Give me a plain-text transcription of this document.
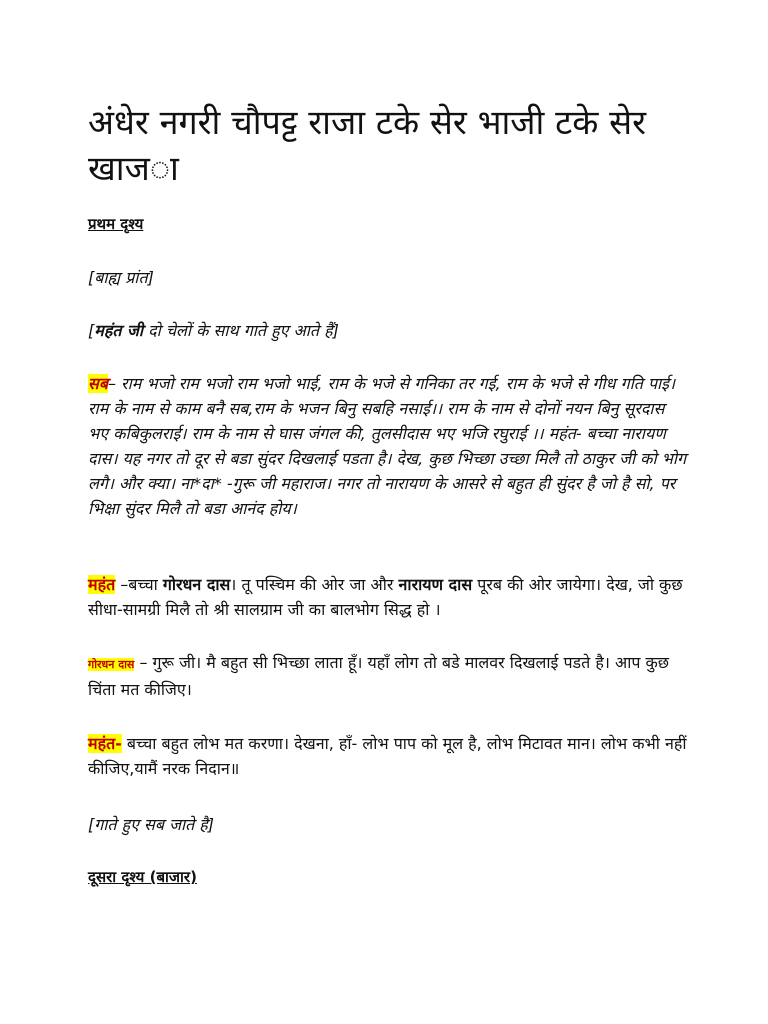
अंधेर नगरी चौपट्ट राजा टके सेर भाजी टके सेर खाज◌ा
प्रथम दृश्य
[बाह्य प्रांत]
[महंत जी दो चेलों के साथ गाते हुए आते हैं]
सब– राम भजो राम भजो राम भजो भाई, राम के भजे से गनिका तर गई, राम के भजे से गीध गति पाई। राम के नाम से काम बनै सब,राम के भजन बिनु सबहि नसाई।। राम के नाम से दोनों नयन बिनु सूरदास भए कबिकुलराई। राम के नाम से घास जंगल की, तुलसीदास भए भजि रघुराई ।। महंत- बच्चा नारायण दास। यह नगर तो दूर से बडा सुंदर दिखलाई पडता है। देख, कुछ भिच्छा उच्छा मिलै तो ठाकुर जी को भोग लगै। और क्या। ना*दा* -गुरू जी महाराज। नगर तो नारायण के आसरे से बहुत ही सुंदर है जो है सो, पर भिक्षा सुंदर मिलै तो बडा आनंद होय।
महंत –बच्चा गोरधन दास। तू पस्चिम की ओर जा और नारायण दास पूरब की ओर जायेगा। देख, जो कुछ सीधा-सामग्री मिलै तो श्री सालग्राम जी का बालभोग सिद्ध हो ।
गोरधन दास – गुरू जी। मै बहुत सी भिच्छा लाता हूँ। यहाँ लोग तो बडे मालवर दिखलाई पडते है। आप कुछ चिंता मत कीजिए।
महंत- बच्चा बहुत लोभ मत करणा। देखना, हाँ- लोभ पाप को मूल है, लोभ मिटावत मान। लोभ कभी नहीं कीजिए,यामैं नरक निदान॥
[गाते हुए सब जाते है]
दूसरा दृश्य (बाजार)
